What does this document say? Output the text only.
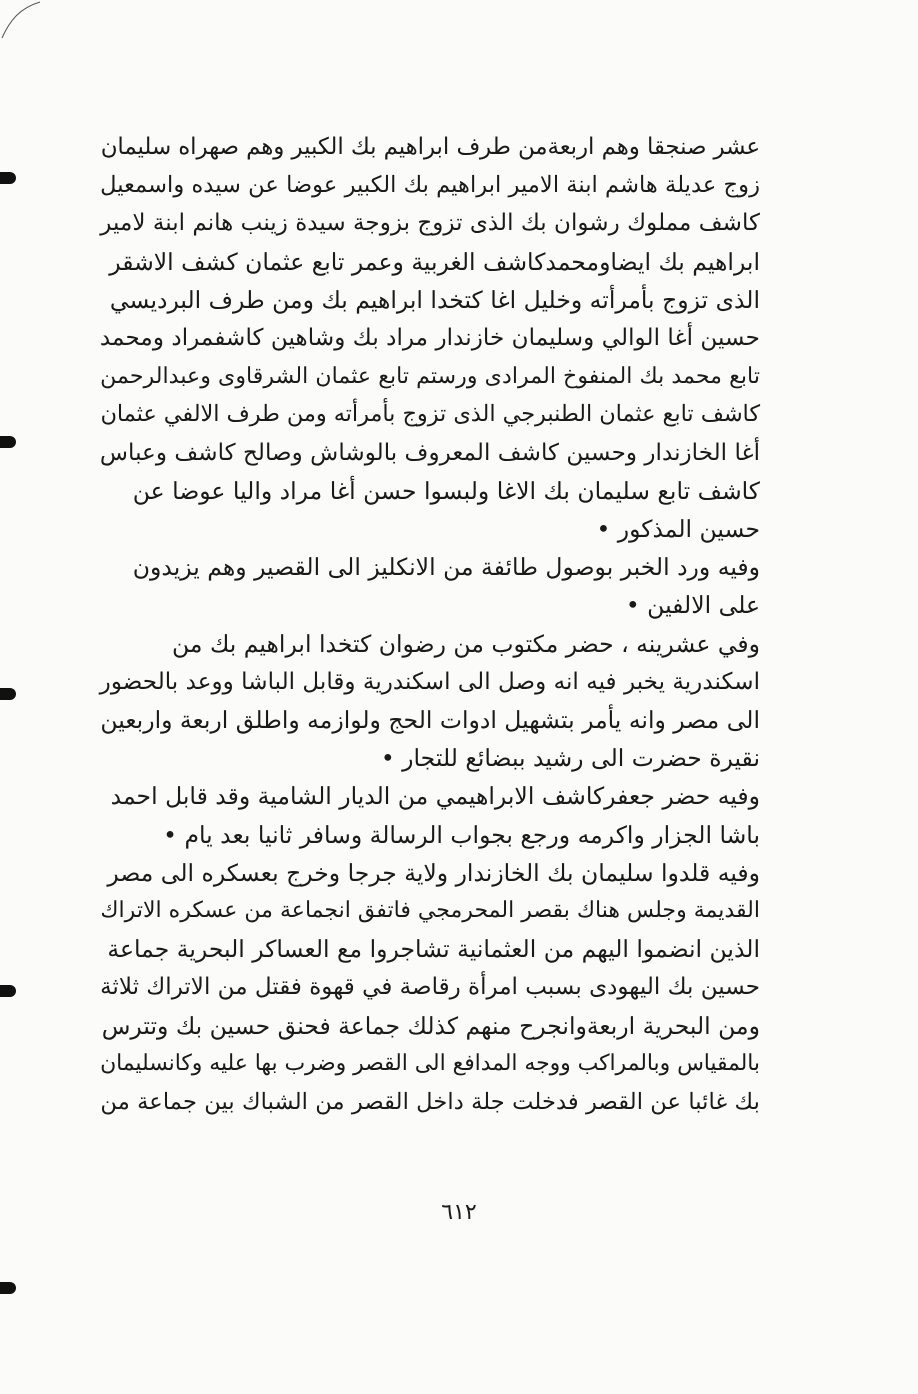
عشر صنجقا وهم اربعةمن طرف ابراهيم بك الكبير وهم صهراه سليمان
زوج عديلة هاشم ابنة الامير ابراهيم بك الكبير عوضا عن سيده واسمعيل
كاشف مملوك رشوان بك الذى تزوج بزوجة سيدة زينب هانم ابنة لامير
ابراهيم بك ايضاومحمدكاشف الغربية وعمر تابع عثمان كشف الاشقر
الذى تزوج بأمرأته وخليل اغا كتخدا ابراهيم بك ومن طرف البرديسي
حسين أغا الوالي وسليمان خازندار مراد بك وشاهين كاشفمراد ومحمد
تابع محمد بك المنفوخ المرادى ورستم تابع عثمان الشرقاوى وعبدالرحمن
كاشف تابع عثمان الطنبرجي الذى تزوج بأمرأته ومن طرف الالفي عثمان
أغا الخازندار وحسين كاشف المعروف بالوشاش وصالح كاشف وعباس
كاشف تابع سليمان بك الاغا ولبسوا حسن أغا مراد واليا عوضا عن
حسين المذكور •
وفيه ورد الخبر بوصول طائفة من الانكليز الى القصير وهم يزيدون
على الالفين •
وفي عشرينه ، حضر مكتوب من رضوان كتخدا ابراهيم بك من
اسكندرية يخبر فيه انه وصل الى اسكندرية وقابل الباشا ووعد بالحضور
الى مصر وانه يأمر بتشهيل ادوات الحج ولوازمه واطلق اربعة واربعين
نقيرة حضرت الى رشيد ببضائع للتجار •
وفيه حضر جعفركاشف الابراهيمي من الديار الشامية وقد قابل احمد
باشا الجزار واكرمه ورجع بجواب الرسالة وسافر ثانيا بعد يام •
وفيه قلدوا سليمان بك الخازندار ولاية جرجا وخرج بعسكره الى مصر
القديمة وجلس هناك بقصر المحرمجي فاتفق انجماعة من عسكره الاتراك
الذين انضموا اليهم من العثمانية تشاجروا مع العساكر البحرية جماعة
حسين بك اليهودى بسبب امرأة رقاصة في قهوة فقتل من الاتراك ثلاثة
ومن البحرية اربعةوانجرح منهم كذلك جماعة فحنق حسين بك وتترس
بالمقياس وبالمراكب ووجه المدافع الى القصر وضرب بها عليه وكانسليمان
بك غائبا عن القصر فدخلت جلة داخل القصر من الشباك بين جماعة من
٦١٢
